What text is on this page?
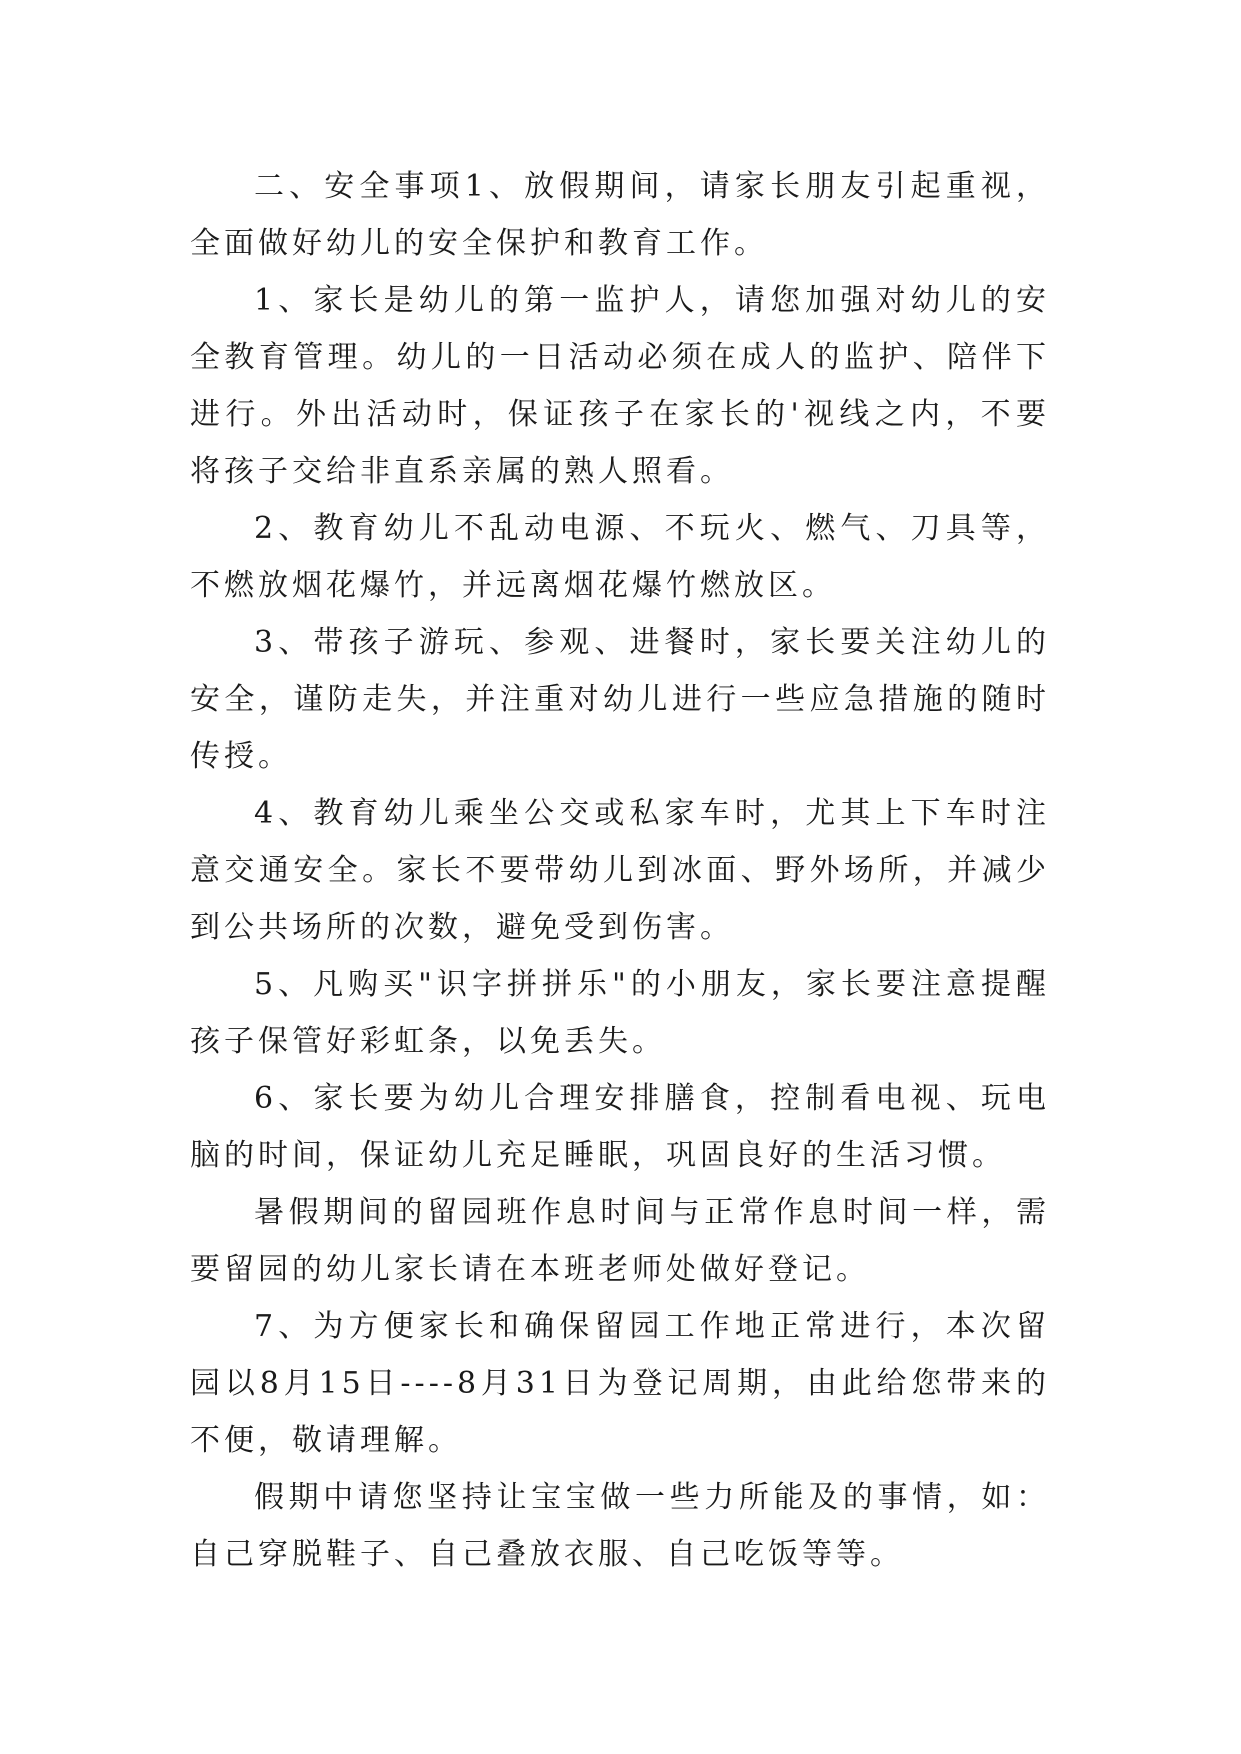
二、安全事项1、放假期间，请家长朋友引起重视，全面做好幼儿的安全保护和教育工作。

1、家长是幼儿的第一监护人，请您加强对幼儿的安全教育管理。幼儿的一日活动必须在成人的监护、陪伴下进行。外出活动时，保证孩子在家长的'视线之内，不要将孩子交给非直系亲属的熟人照看。

2、教育幼儿不乱动电源、不玩火、燃气、刀具等，不燃放烟花爆竹，并远离烟花爆竹燃放区。

3、带孩子游玩、参观、进餐时，家长要关注幼儿的安全，谨防走失，并注重对幼儿进行一些应急措施的随时传授。

4、教育幼儿乘坐公交或私家车时，尤其上下车时注意交通安全。家长不要带幼儿到冰面、野外场所，并减少到公共场所的次数，避免受到伤害。

5、凡购买"识字拼拼乐"的小朋友，家长要注意提醒孩子保管好彩虹条，以免丢失。

6、家长要为幼儿合理安排膳食，控制看电视、玩电脑的时间，保证幼儿充足睡眠，巩固良好的生活习惯。

暑假期间的留园班作息时间与正常作息时间一样，需要留园的幼儿家长请在本班老师处做好登记。

7、为方便家长和确保留园工作地正常进行，本次留园以8月15日----8月31日为登记周期，由此给您带来的不便，敬请理解。

假期中请您坚持让宝宝做一些力所能及的事情，如：自己穿脱鞋子、自己叠放衣服、自己吃饭等等。
